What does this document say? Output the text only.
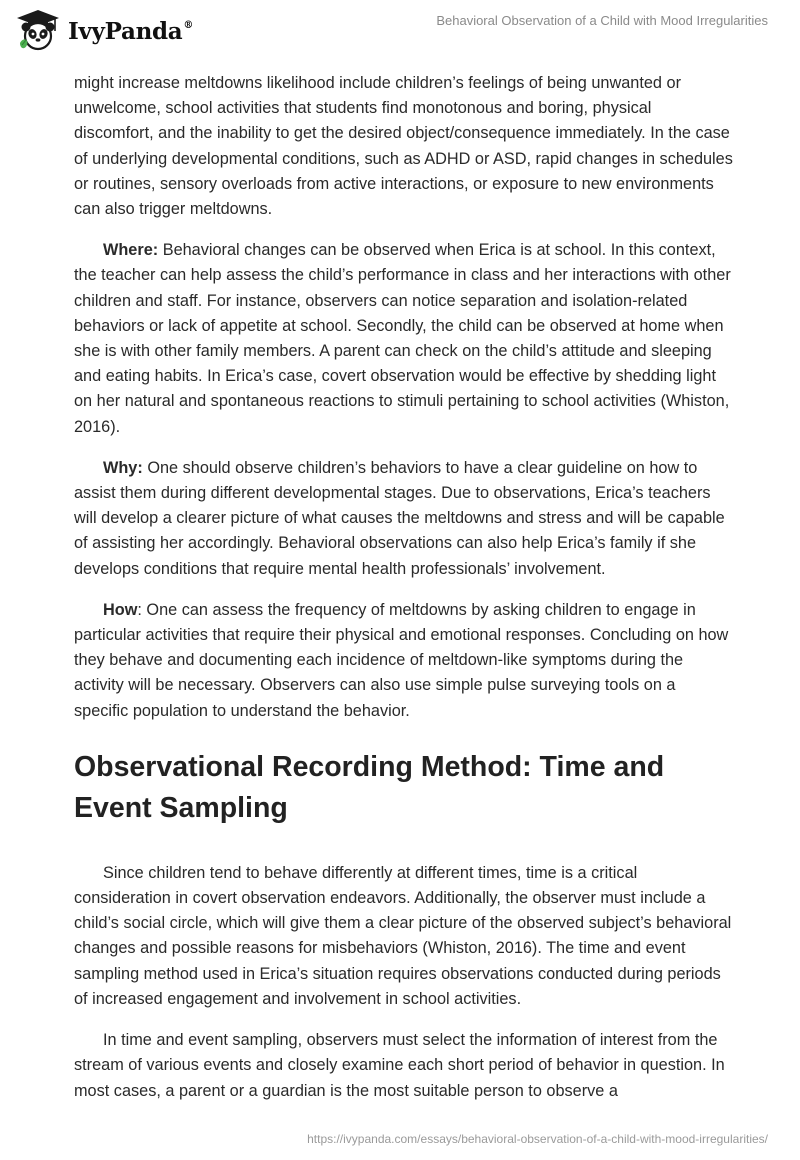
IvyPanda®	Behavioral Observation of a Child with Mood Irregularities

might increase meltdowns likelihood include children’s feelings of being unwanted or unwelcome, school activities that students find monotonous and boring, physical discomfort, and the inability to get the desired object/consequence immediately. In the case of underlying developmental conditions, such as ADHD or ASD, rapid changes in schedules or routines, sensory overloads from active interactions, or exposure to new environments can also trigger meltdowns.

Where: Behavioral changes can be observed when Erica is at school. In this context, the teacher can help assess the child’s performance in class and her interactions with other children and staff. For instance, observers can notice separation and isolation-related behaviors or lack of appetite at school. Secondly, the child can be observed at home when she is with other family members. A parent can check on the child’s attitude and sleeping and eating habits. In Erica’s case, covert observation would be effective by shedding light on her natural and spontaneous reactions to stimuli pertaining to school activities (Whiston, 2016).

Why: One should observe children’s behaviors to have a clear guideline on how to assist them during different developmental stages. Due to observations, Erica’s teachers will develop a clearer picture of what causes the meltdowns and stress and will be capable of assisting her accordingly. Behavioral observations can also help Erica’s family if she develops conditions that require mental health professionals’ involvement.

How: One can assess the frequency of meltdowns by asking children to engage in particular activities that require their physical and emotional responses. Concluding on how they behave and documenting each incidence of meltdown-like symptoms during the activity will be necessary. Observers can also use simple pulse surveying tools on a specific population to understand the behavior.

Observational Recording Method: Time and Event Sampling

Since children tend to behave differently at different times, time is a critical consideration in covert observation endeavors. Additionally, the observer must include a child’s social circle, which will give them a clear picture of the observed subject’s behavioral changes and possible reasons for misbehaviors (Whiston, 2016). The time and event sampling method used in Erica’s situation requires observations conducted during periods of increased engagement and involvement in school activities.

In time and event sampling, observers must select the information of interest from the stream of various events and closely examine each short period of behavior in question. In most cases, a parent or a guardian is the most suitable person to observe a

https://ivypanda.com/essays/behavioral-observation-of-a-child-with-mood-irregularities/
